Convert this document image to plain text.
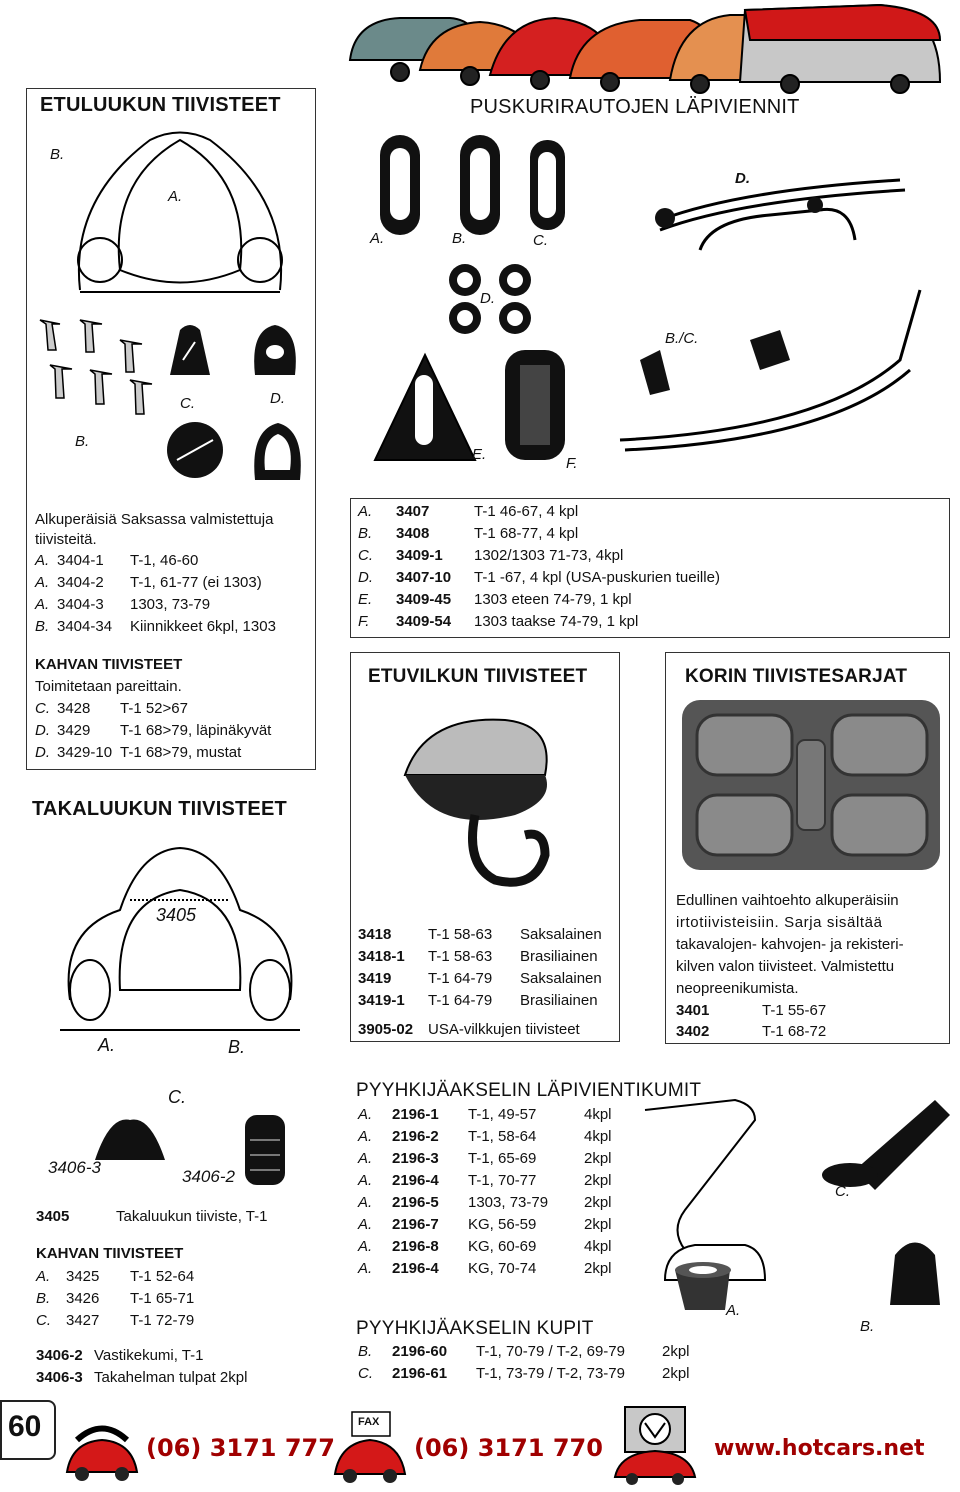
60
ETULUUKUN TIIVISTEET
B.
A.
C.	D.
B.
Alkuperäisiä Saksassa valmistettuja tiivisteitä.
A. 3404-1 T-1, 46-60
A. 3404-2 T-1, 61-77 (ei 1303)
A. 3404-3 1303, 73-79
B. 3404-34 Kiinnikkeet 6kpl, 1303
KAHVAN TIIVISTEET
Toimitetaan pareittain.
C. 3428 T-1 52>67
D. 3429 T-1 68>79, läpinäkyvät
D. 3429-10 T-1 68>79, mustat
PUSKURIRAUTOJEN LÄPIVIENNIT
A.	B.	C.
D.
D.
B./C.
E.
F.
A. 3407	T-1 46-67, 4 kpl
B. 3408	T-1 68-77, 4 kpl
C. 3409-1 1302/1303 71-73, 4kpl
D. 3407-10 T-1 -67, 4 kpl (USA-puskurien tueille)
E. 3409-45 1303 eteen 74-79, 1 kpl
F. 3409-54 1303 taakse 74-79, 1 kpl
ETUVILKUN TIIVISTEET
3418 T-1 58-63 Saksalainen
3418-1 T-1 58-63 Brasiliainen
3419 T-1 64-79 Saksalainen
3419-1 T-1 64-79 Brasiliainen
3905-02 USA-vilkkujen tiivisteet
KORIN TIIVISTESARJAT
Edullinen vaihtoehto alkuperäisiin
irtotiivisteisiin. Sarja sisältää
takavalojen- kahvojen- ja rekisteri-
kilven valon tiivisteet. Valmistettu
neopreenikumista.
3401	T-1 55-67
3402	T-1 68-72
TAKALUUKUN TIIVISTEET
3405
A.	B.
C.
3406-3	3406-2
3405	Takaluukun tiiviste, T-1
KAHVAN TIIVISTEET
A. 3425 T-1 52-64
B. 3426 T-1 65-71
C. 3427 T-1 72-79
3406-2 Vastikekumi, T-1
3406-3 Takahelman tulpat 2kpl
PYYHKIJÄAKSELIN LÄPIVIENTIKUMIT
A. 2196-1 T-1, 49-57	4kpl
A. 2196-2 T-1, 58-64	4kpl
A. 2196-3 T-1, 65-69	2kpl
A. 2196-4 T-1, 70-77	2kpl
A. 2196-5 1303, 73-79 2kpl
A. 2196-7 KG, 56-59	2kpl
A. 2196-8 KG, 60-69	4kpl
A. 2196-4 KG, 70-74	2kpl
C.
A.
B.
PYYHKIJÄAKSELIN KUPIT
B. 2196-60 T-1, 70-79 / T-2, 69-79 2kpl
C. 2196-61 T-1, 73-79 / T-2, 73-79 2kpl
(06) 3171 777
FAX
(06) 3171 770	www.hotcars.net
